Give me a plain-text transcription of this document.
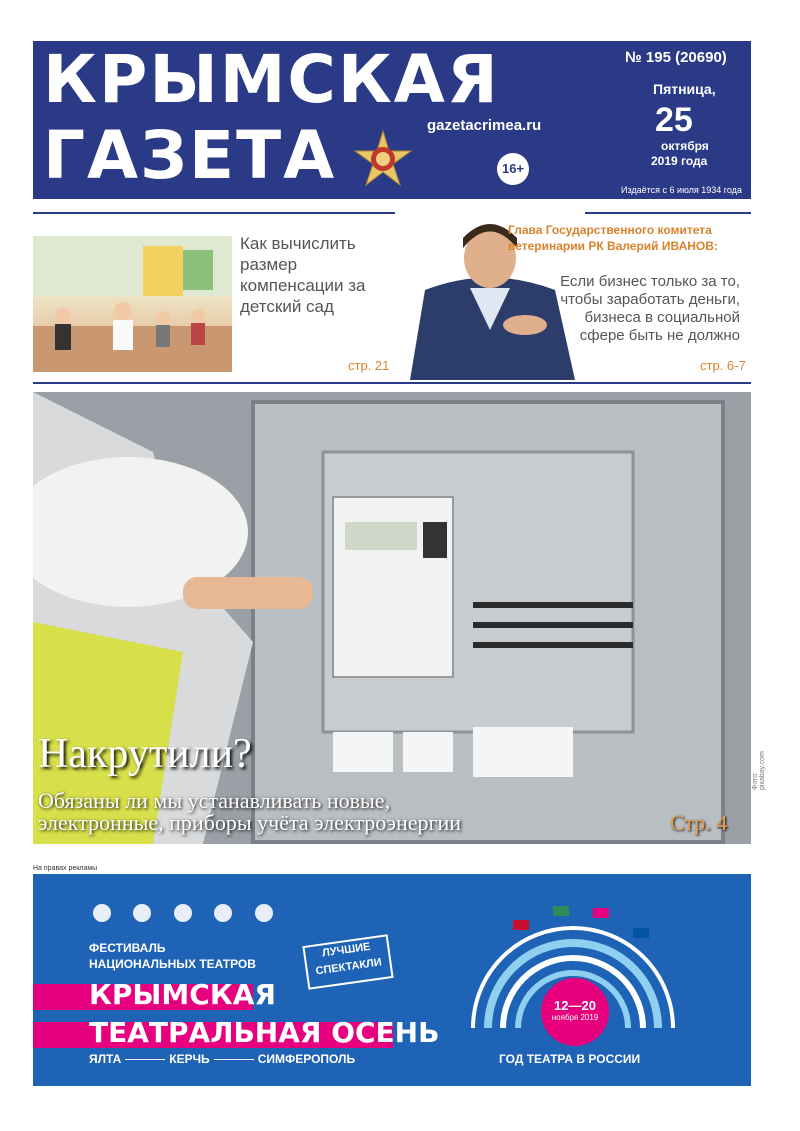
КРЫМСКАЯ
ГАЗЕТА	gazetacrimea.ru
16+
№ 195 (20690)
Пятница,
25
октября
2019 года
Издаётся с 6 июля 1934 года
Как вычислить размер компенсации за детский сад
стр. 21
Глава Государственного комитета ветеринарии РК Валерий ИВАНОВ:
Если бизнес только за то, чтобы заработать деньги, бизнеса в социальной сфере быть не должно
стр. 6-7
Накрутили?
Обязаны ли мы устанавливать новые,
электронные, приборы учёта электроэнергии	Стр. 4
Фото: pixabay.com
На правах рекламы

ФЕСТИВАЛЬ
НАЦИОНАЛЬНЫХ ТЕАТРОВ
ЛУЧШИЕ
СПЕКТАКЛИ
КРЫМСКАЯ
ТЕАТРАЛЬНАЯ ОСЕНЬ
ЯЛТА	КЕРЧЬ	СИМФЕРОПОЛЬ
12—20
ноября 2019
ГОД ТЕАТРА В РОССИИ
